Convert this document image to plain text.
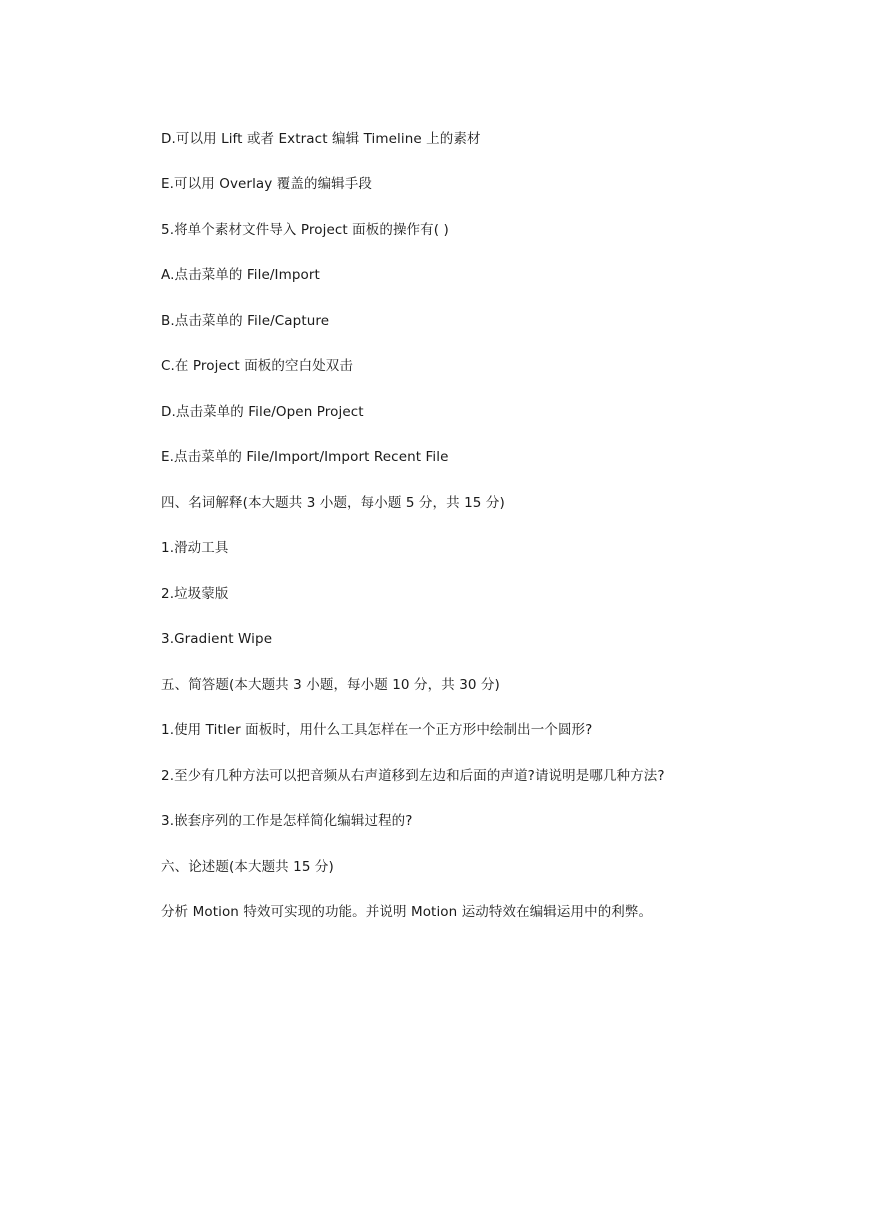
D.可以用 Lift 或者 Extract 编辑 Timeline 上的素材

E.可以用 Overlay 覆盖的编辑手段

5.将单个素材文件导入 Project 面板的操作有( )

A.点击菜单的 File/Import

B.点击菜单的 File/Capture

C.在 Project 面板的空白处双击

D.点击菜单的 File/Open Project

E.点击菜单的 File/Import/Import Recent File

四、名词解释(本大题共 3 小题，每小题 5 分，共 15 分)

1.滑动工具

2.垃圾蒙版

3.Gradient Wipe

五、简答题(本大题共 3 小题，每小题 10 分，共 30 分)

1.使用 Titler 面板时，用什么工具怎样在一个正方形中绘制出一个圆形?

2.至少有几种方法可以把音频从右声道移到左边和后面的声道?请说明是哪几种方法?

3.嵌套序列的工作是怎样简化编辑过程的?

六、论述题(本大题共 15 分)

分析 Motion 特效可实现的功能。并说明 Motion 运动特效在编辑运用中的利弊。
